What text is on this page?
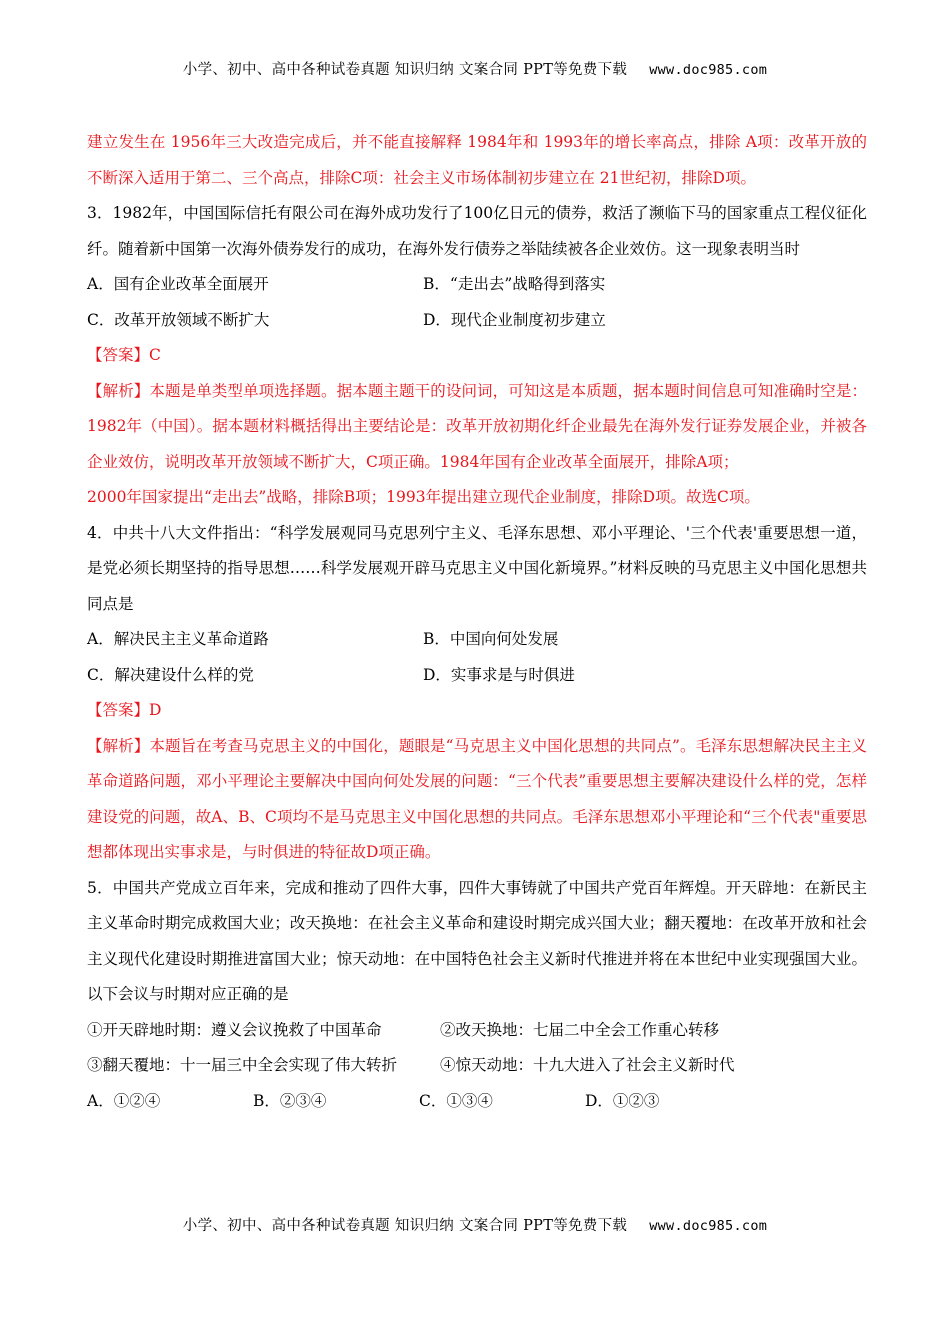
小学、初中、高中各种试卷真题 知识归纳 文案合同 PPT等免费下载 www.doc985.com

建立发生在 1956年三大改造完成后，并不能直接解释 1984年和 1993年的增长率高点，排除 A项：改革开放的不断深入适用于第二、三个高点，排除C项：社会主义市场体制初步建立在 21世纪初，排除D项。

3．1982年，中国国际信托有限公司在海外成功发行了100亿日元的债券，救活了濒临下马的国家重点工程仪征化纤。随着新中国第一次海外债券发行的成功，在海外发行债券之举陆续被各企业效仿。这一现象表明当时

A．国有企业改革全面展开	B．“走出去”战略得到落实
C．改革开放领域不断扩大	D．现代企业制度初步建立

【答案】C

【解析】本题是单类型单项选择题。据本题主题干的设问词，可知这是本质题，据本题时间信息可知准确时空是：1982年（中国）。据本题材料概括得出主要结论是：改革开放初期化纤企业最先在海外发行证券发展企业，并被各企业效仿，说明改革开放领域不断扩大，C项正确。1984年国有企业改革全面展开，排除A项；

2000年国家提出“走出去”战略，排除B项；1993年提出建立现代企业制度，排除D项。故选C项。

4．中共十八大文件指出：“科学发展观同马克思列宁主义、毛泽东思想、邓小平理论、'三个代表'重要思想一道，是党必须长期坚持的指导思想……科学发展观开辟马克思主义中国化新境界。”材料反映的马克思主义中国化思想共同点是

A．解决民主主义革命道路	B．中国向何处发展
C．解决建设什么样的党	D．实事求是与时俱进

【答案】D

【解析】本题旨在考查马克思主义的中国化，题眼是“马克思主义中国化思想的共同点”。毛泽东思想解决民主主义革命道路问题，邓小平理论主要解决中国向何处发展的问题：“三个代表”重要思想主要解决建设什么样的党，怎样建设党的问题，故A、B、C项均不是马克思主义中国化思想的共同点。毛泽东思想邓小平理论和“三个代表"重要思想都体现出实事求是，与时俱进的特征故D项正确。

5．中国共产党成立百年来，完成和推动了四件大事，四件大事铸就了中国共产党百年辉煌。开天辟地：在新民主主义革命时期完成救国大业；改天换地：在社会主义革命和建设时期完成兴国大业；翻天覆地：在改革开放和社会主义现代化建设时期推进富国大业；惊天动地：在中国特色社会主义新时代推进并将在本世纪中业实现强国大业。以下会议与时期对应正确的是

①开天辟地时期：遵义会议挽救了中国革命	②改天换地：七届二中全会工作重心转移
③翻天覆地：十一届三中全会实现了伟大转折	④惊天动地：十九大进入了社会主义新时代
A．①②④	B．②③④	C．①③④	D．①②③
小学、初中、高中各种试卷真题 知识归纳 文案合同 PPT等免费下载 www.doc985.com
